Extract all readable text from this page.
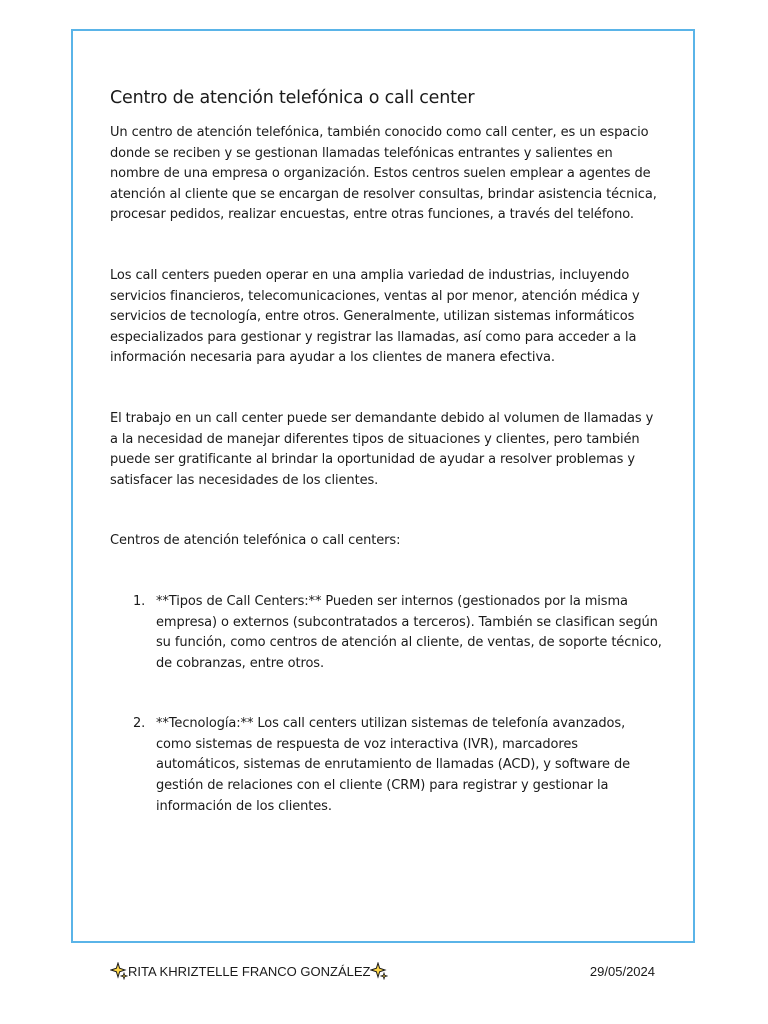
Centro de atención telefónica o call center

Un centro de atención telefónica, también conocido como call center, es un espacio donde se reciben y se gestionan llamadas telefónicas entrantes y salientes en nombre de una empresa o organización. Estos centros suelen emplear a agentes de atención al cliente que se encargan de resolver consultas, brindar asistencia técnica, procesar pedidos, realizar encuestas, entre otras funciones, a través del teléfono.

Los call centers pueden operar en una amplia variedad de industrias, incluyendo servicios financieros, telecomunicaciones, ventas al por menor, atención médica y servicios de tecnología, entre otros. Generalmente, utilizan sistemas informáticos especializados para gestionar y registrar las llamadas, así como para acceder a la información necesaria para ayudar a los clientes de manera efectiva.

El trabajo en un call center puede ser demandante debido al volumen de llamadas y a la necesidad de manejar diferentes tipos de situaciones y clientes, pero también puede ser gratificante al brindar la oportunidad de ayudar a resolver problemas y satisfacer las necesidades de los clientes.

Centros de atención telefónica o call centers:

1. **Tipos de Call Centers:** Pueden ser internos (gestionados por la misma empresa) o externos (subcontratados a terceros). También se clasifican según su función, como centros de atención al cliente, de ventas, de soporte técnico, de cobranzas, entre otros.
2. **Tecnología:** Los call centers utilizan sistemas de telefonía avanzados, como sistemas de respuesta de voz interactiva (IVR), marcadores automáticos, sistemas de enrutamiento de llamadas (ACD), y software de gestión de relaciones con el cliente (CRM) para registrar y gestionar la información de los clientes.
RITA KHRIZTELLE FRANCO GONZÁLEZ	29/05/2024
